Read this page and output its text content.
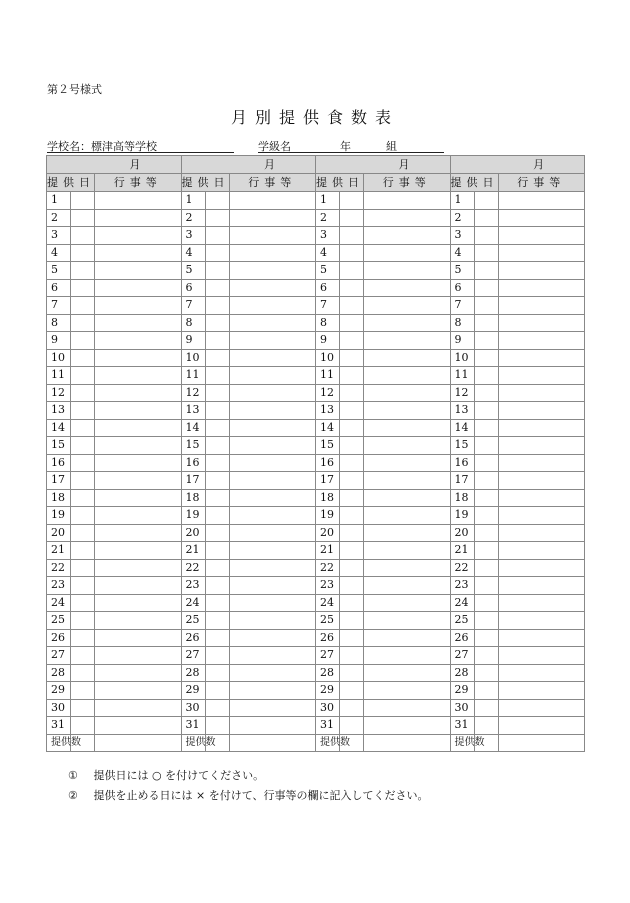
第２号様式
月別提供食数表
学校名：標津高等学校	学級名	年	組
月			月			月			月		
提供日		行事等	提供日		行事等	提供日		行事等	提供日		行事等
1			1			1			1		
2			2			2			2		
3			3			3			3		
4			4			4			4		
5			5			5			5		
6			6			6			6		
7			7			7			7		
8			8			8			8		
9			9			9			9		
10			10			10			10		
11			11			11			11		
12			12			12			12		
13			13			13			13		
14			14			14			14		
15			15			15			15		
16			16			16			16		
17			17			17			17		
18			18			18			18		
19			19			19			19		
20			20			20			20		
21			21			21			21		
22			22			22			22		
23			23			23			23		
24			24			24			24		
25			25			25			25		
26			26			26			26		
27			27			27			27		
28			28			28			28		
29			29			29			29		
30			30			30			30		
31			31			31			31		
提供数			提供数			提供数			提供数		
① 提供日には ○ を付けてください。
② 提供を止める日には × を付けて、行事等の欄に記入してください。
